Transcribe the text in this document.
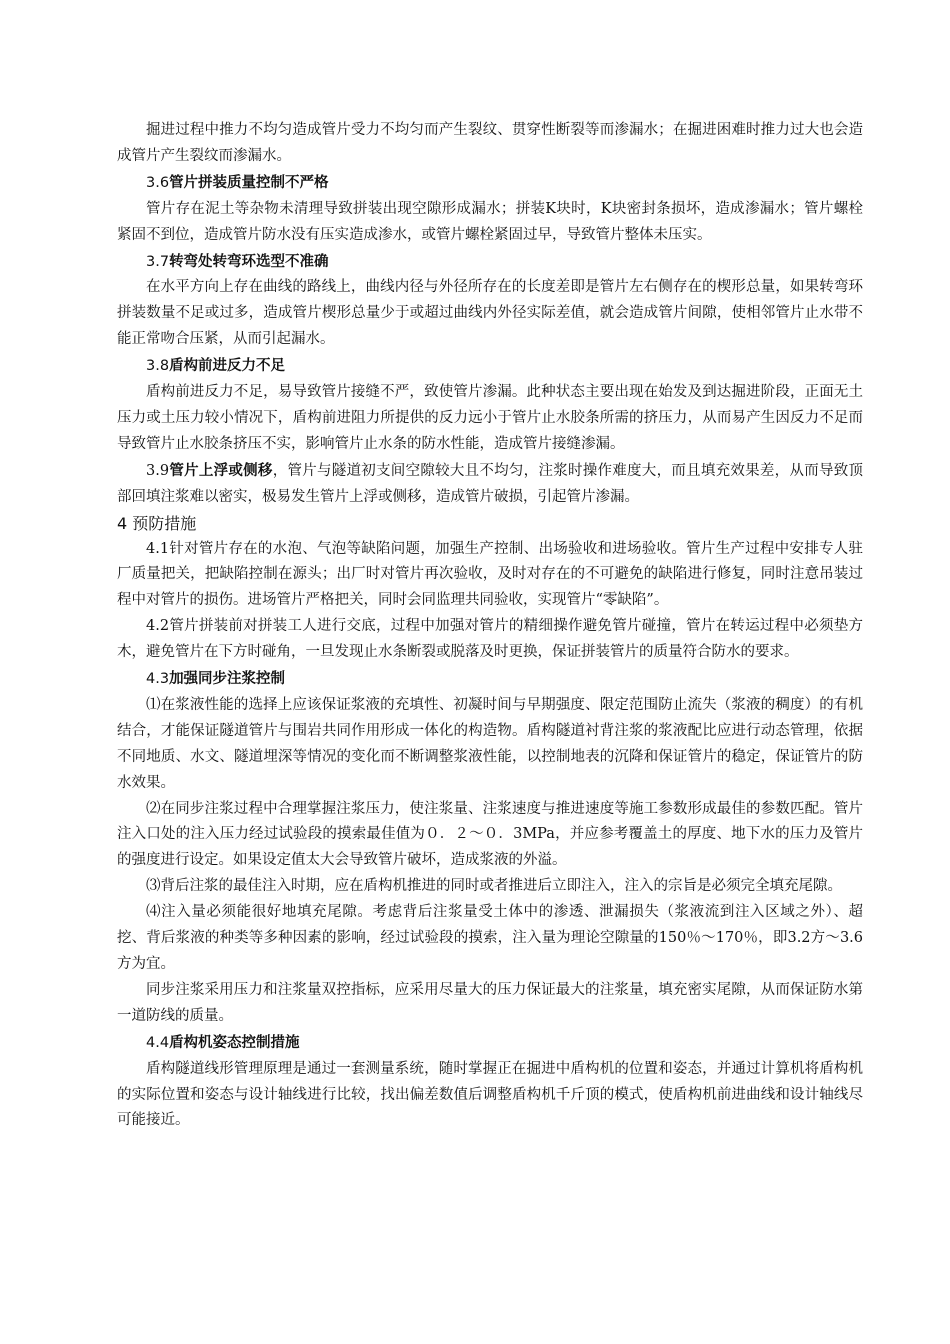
掘进过程中推力不均匀造成管片受力不均匀而产生裂纹、贯穿性断裂等而渗漏水；在掘进困难时推力过大也会造成管片产生裂纹而渗漏水。

3.6管片拼装质量控制不严格

管片存在泥土等杂物未清理导致拼装出现空隙形成漏水；拼装K块时，K块密封条损坏，造成渗漏水；管片螺栓紧固不到位，造成管片防水没有压实造成渗水，或管片螺栓紧固过早，导致管片整体未压实。

3.7转弯处转弯环选型不准确

在水平方向上存在曲线的路线上，曲线内径与外径所存在的长度差即是管片左右侧存在的楔形总量，如果转弯环拼装数量不足或过多，造成管片楔形总量少于或超过曲线内外径实际差值，就会造成管片间隙，使相邻管片止水带不能正常吻合压紧，从而引起漏水。

3.8盾构前进反力不足

盾构前进反力不足，易导致管片接缝不严，致使管片渗漏。此种状态主要出现在始发及到达掘进阶段，正面无土压力或土压力较小情况下，盾构前进阻力所提供的反力远小于管片止水胶条所需的挤压力，从而易产生因反力不足而导致管片止水胶条挤压不实，影响管片止水条的防水性能，造成管片接缝渗漏。

3.9管片上浮或侧移，管片与隧道初支间空隙较大且不均匀，注浆时操作难度大，而且填充效果差，从而导致顶部回填注浆难以密实，极易发生管片上浮或侧移，造成管片破损，引起管片渗漏。

4 预防措施

4.1针对管片存在的水泡、气泡等缺陷问题，加强生产控制、出场验收和进场验收。管片生产过程中安排专人驻厂质量把关，把缺陷控制在源头；出厂时对管片再次验收，及时对存在的不可避免的缺陷进行修复，同时注意吊装过程中对管片的损伤。进场管片严格把关，同时会同监理共同验收，实现管片“零缺陷”。

4.2管片拼装前对拼装工人进行交底，过程中加强对管片的精细操作避免管片碰撞，管片在转运过程中必须垫方木，避免管片在下方时碰角，一旦发现止水条断裂或脱落及时更换，保证拼装管片的质量符合防水的要求。

4.3加强同步注浆控制

⑴在浆液性能的选择上应该保证浆液的充填性、初凝时间与早期强度、限定范围防止流失（浆液的稠度）的有机结合，才能保证隧道管片与围岩共同作用形成一体化的构造物。盾构隧道衬背注浆的浆液配比应进行动态管理，依据不同地质、水文、隧道埋深等情况的变化而不断调整浆液性能，以控制地表的沉降和保证管片的稳定，保证管片的防水效果。

⑵在同步注浆过程中合理掌握注浆压力，使注浆量、注浆速度与推进速度等施工参数形成最佳的参数匹配。管片注入口处的注入压力经过试验段的摸索最佳值为０．２～０．3MPa，并应参考覆盖土的厚度、地下水的压力及管片的强度进行设定。如果设定值太大会导致管片破坏，造成浆液的外溢。

⑶背后注浆的最佳注入时期，应在盾构机推进的同时或者推进后立即注入，注入的宗旨是必须完全填充尾隙。

⑷注入量必须能很好地填充尾隙。考虑背后注浆量受土体中的渗透、泄漏损失（浆液流到注入区域之外）、超挖、背后浆液的种类等多种因素的影响，经过试验段的摸索，注入量为理论空隙量的150％～170％，即3.2方～3.6方为宜。

同步注浆采用压力和注浆量双控指标，应采用尽量大的压力保证最大的注浆量，填充密实尾隙，从而保证防水第一道防线的质量。

4.4盾构机姿态控制措施

盾构隧道线形管理原理是通过一套测量系统，随时掌握正在掘进中盾构机的位置和姿态，并通过计算机将盾构机的实际位置和姿态与设计轴线进行比较，找出偏差数值后调整盾构机千斤顶的模式，使盾构机前进曲线和设计轴线尽可能接近。
